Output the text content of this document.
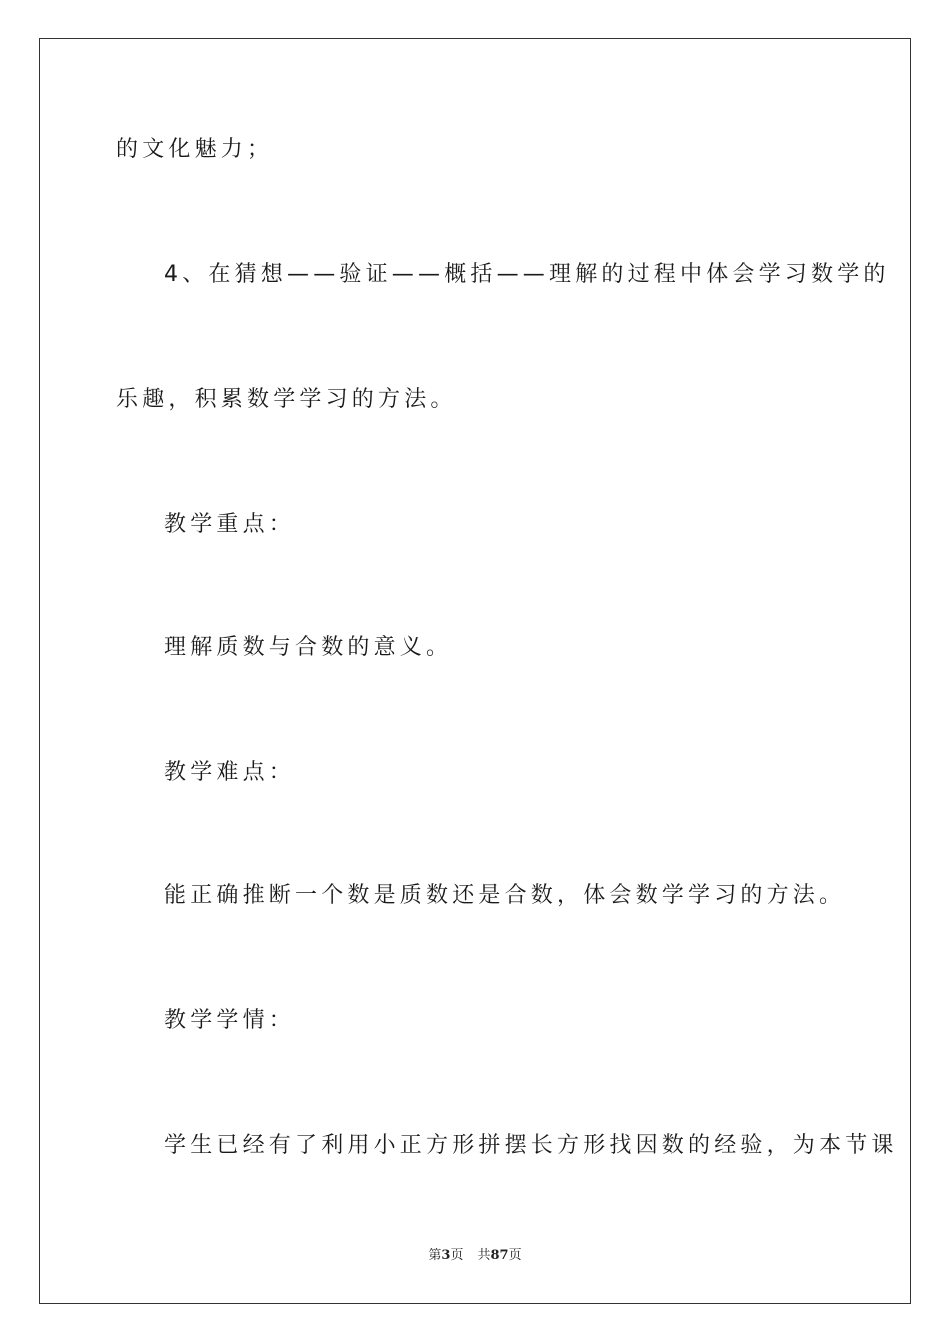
的文化魅力；
4、在猜想——验证——概括——理解的过程中体会学习数学的
乐趣，积累数学学习的方法。
教学重点：
理解质数与合数的意义。
教学难点：
能正确推断一个数是质数还是合数，体会数学学习的方法。
教学学情：
学生已经有了利用小正方形拼摆长方形找因数的经验，为本节课
第3页 共87页
